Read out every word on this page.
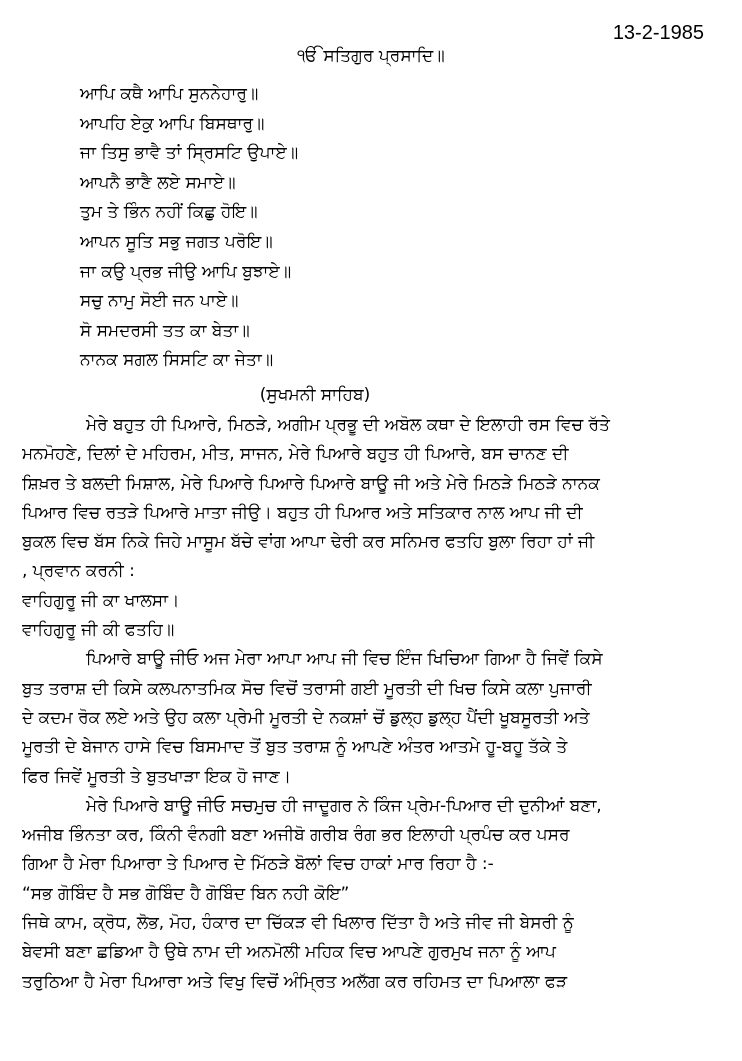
13-2-1985
ੴ ਸਤਿਗੁਰ ਪ੍ਰਸਾਦਿ॥
ਆਪਿ ਕਥੈ ਆਪਿ ਸੁਨਨੇਹਾਰੁ॥
ਆਪਹਿ ਏਕੁ ਆਪਿ ਬਿਸਥਾਰੁ॥
ਜਾ ਤਿਸੁ ਭਾਵੈ ਤਾਂ ਸ੍ਰਿਸਟਿ ਉਪਾਏ॥
ਆਪਨੈ ਭਾਣੈ ਲਏ ਸਮਾਏ॥
ਤੁਮ ਤੇ ਭਿੰਨ ਨਹੀਂ ਕਿਛੁ ਹੋਇ॥
ਆਪਨ ਸੂਤਿ ਸਭੁ ਜਗਤ ਪਰੋਇ॥
ਜਾ ਕਉ ਪ੍ਰਭ ਜੀਉ ਆਪਿ ਬੁਝਾਏ॥
ਸਚੁ ਨਾਮੁ ਸੋਈ ਜਨ ਪਾਏ॥
ਸੋ ਸਮਦਰਸੀ ਤਤ ਕਾ ਬੇਤਾ॥
ਨਾਨਕ ਸਗਲ ਸਿਸਟਿ ਕਾ ਜੇਤਾ॥
(ਸੁਖਮਨੀ ਸਾਹਿਬ)
ਮੇਰੇ ਬਹੁਤ ਹੀ ਪਿਆਰੇ, ਮਿਠੜੇ, ਅਗੀਮ ਪ੍ਰਭੂ ਦੀ ਅਬੋਲ ਕਥਾ ਦੇ ਇਲਾਹੀ ਰਸ ਵਿਚ ਰੱਤੇ
ਮਨਮੋਹਣੇ, ਦਿਲਾਂ ਦੇ ਮਹਿਰਮ, ਮੀਤ, ਸਾਜਨ, ਮੇਰੇ ਪਿਆਰੇ ਬਹੁਤ ਹੀ ਪਿਆਰੇ, ਬਸ ਚਾਨਣ ਦੀ
ਸ਼ਿਖ਼ਰ ਤੇ ਬਲਦੀ ਮਿਸ਼ਾਲ, ਮੇਰੇ ਪਿਆਰੇ ਪਿਆਰੇ ਪਿਆਰੇ ਬਾਊ ਜੀ ਅਤੇ ਮੇਰੇ ਮਿਠੜੇ ਮਿਠੜੇ ਨਾਨਕ
ਪਿਆਰ ਵਿਚ ਰਤੜੇ ਪਿਆਰੇ ਮਾਤਾ ਜੀਉ। ਬਹੁਤ ਹੀ ਪਿਆਰ ਅਤੇ ਸਤਿਕਾਰ ਨਾਲ ਆਪ ਜੀ ਦੀ
ਬੁਕਲ ਵਿਚ ਬੱਸ ਨਿਕੇ ਜਿਹੇ ਮਾਸੂਮ ਬੱਚੇ ਵਾਂਗ ਆਪਾ ਢੇਰੀ ਕਰ ਸਨਿਮਰ ਫਤਹਿ ਬੁਲਾ ਰਿਹਾ ਹਾਂ ਜੀ
, ਪ੍ਰਵਾਨ ਕਰਨੀ :
ਵਾਹਿਗੁਰੂ ਜੀ ਕਾ ਖਾਲਸਾ।
ਵਾਹਿਗੁਰੂ ਜੀ ਕੀ ਫਤਹਿ॥
ਪਿਆਰੇ ਬਾਊ ਜੀਓ ਅਜ ਮੇਰਾ ਆਪਾ ਆਪ ਜੀ ਵਿਚ ਇੰਜ ਖਿਚਿਆ ਗਿਆ ਹੈ ਜਿਵੇਂ ਕਿਸੇ
ਬੁਤ ਤਰਾਸ਼ ਦੀ ਕਿਸੇ ਕਲਪਨਾਤਮਿਕ ਸੋਚ ਵਿਚੋਂ ਤਰਾਸੀ ਗਈ ਮੂਰਤੀ ਦੀ ਖਿਚ ਕਿਸੇ ਕਲਾ ਪੁਜਾਰੀ
ਦੇ ਕਦਮ ਰੋਕ ਲਏ ਅਤੇ ਉਹ ਕਲਾ ਪ੍ਰੇਮੀ ਮੂਰਤੀ ਦੇ ਨਕਸ਼ਾਂ ਚੋਂ ਡੁਲ੍ਹ ਡੁਲ੍ਹ ਪੈਂਦੀ ਖੂਬਸੂਰਤੀ ਅਤੇ
ਮੂਰਤੀ ਦੇ ਬੇਜਾਨ ਹਾਸੇ ਵਿਚ ਬਿਸਮਾਦ ਤੋਂ ਬੁਤ ਤਰਾਸ਼ ਨੂੰ ਆਪਣੇ ਅੰਤਰ ਆਤਮੇ ਹੂ-ਬਹੂ ਤੱਕੇ ਤੇ
ਫਿਰ ਜਿਵੇਂ ਮੂਰਤੀ ਤੇ ਬੁਤਖਾੜਾ ਇਕ ਹੋ ਜਾਣ।
ਮੇਰੇ ਪਿਆਰੇ ਬਾਊ ਜੀਓ ਸਚਮੁਚ ਹੀ ਜਾਦੂਗਰ ਨੇ ਕਿੰਜ ਪ੍ਰੇਮ-ਪਿਆਰ ਦੀ ਦੁਨੀਆਂ ਬਣਾ,
ਅਜੀਬ ਭਿੰਨਤਾ ਕਰ, ਕਿੰਨੀ ਵੰਨਗੀ ਬਣਾ ਅਜੀਬੋ ਗਰੀਬ ਰੰਗ ਭਰ ਇਲਾਹੀ ਪ੍ਰਪੰਚ ਕਰ ਪਸਰ
ਗਿਆ ਹੈ ਮੇਰਾ ਪਿਆਰਾ ਤੇ ਪਿਆਰ ਦੇ ਮਿੱਠੜੇ ਬੋਲਾਂ ਵਿਚ ਹਾਕਾਂ ਮਾਰ ਰਿਹਾ ਹੈ :-
“ਸਭ ਗੋਬਿੰਦ ਹੈ ਸਭ ਗੋਬਿੰਦ ਹੈ ਗੋਬਿੰਦ ਬਿਨ ਨਹੀ ਕੋਇ”
ਜਿਥੇ ਕਾਮ, ਕ੍ਰੋਧ, ਲੋਭ, ਮੋਹ, ਹੰਕਾਰ ਦਾ ਚਿੱਕੜ ਵੀ ਖਿਲਾਰ ਦਿੱਤਾ ਹੈ ਅਤੇ ਜੀਵ ਜੀ ਬੇਸਰੀ ਨੂੰ
ਬੇਵਸੀ ਬਣਾ ਛਡਿਆ ਹੈ ਉਥੇ ਨਾਮ ਦੀ ਅਨਮੋਲੀ ਮਹਿਕ ਵਿਚ ਆਪਣੇ ਗੁਰਮੁਖ ਜਨਾ ਨੂੰ ਆਪ
ਤਰੁਠਿਆ ਹੈ ਮੇਰਾ ਪਿਆਰਾ ਅਤੇ ਵਿਖੁ ਵਿਚੋਂ ਅੰਮ੍ਰਿਤ ਅਲੱਗ ਕਰ ਰਹਿਮਤ ਦਾ ਪਿਆਲਾ ਫੜ
